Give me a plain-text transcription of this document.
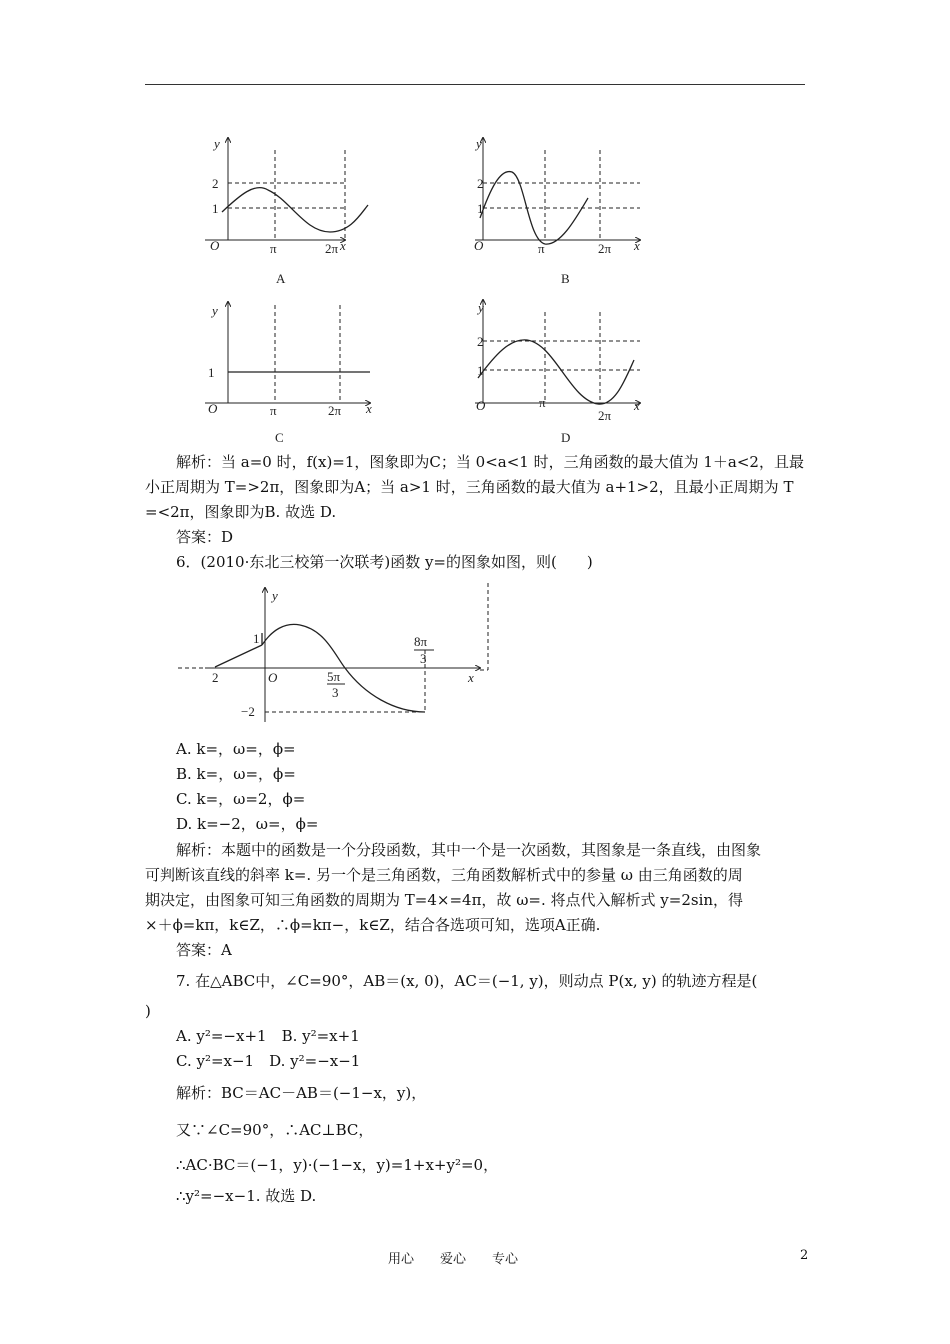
y
2
1
O	π	2π x
A
y
2
1
O	π	2π x
B
y
1
O	π	2π x
C
y
2
1
O	π
2π
x
D
y
1
O
2
−2
5π
3
8π
3
x
解析：当 a=0 时，f(x)=1，图象即为C；当 0<a<1 时，三角函数的最大值为 1＋a<2，且最
小正周期为 T=>2π，图象即为A；当 a>1 时，三角函数的最大值为 a+1>2，且最小正周期为 T
=<2π，图象即为B. 故选 D.
答案：D
6．(2010·东北三校第一次联考)函数 y=的图象如图，则(　　)
A. k=，ω=，ϕ=
B. k=，ω=，ϕ=
C. k=，ω=2，ϕ=
D. k=−2，ω=，ϕ=
解析：本题中的函数是一个分段函数，其中一个是一次函数，其图象是一条直线，由图象
可判断该直线的斜率 k=. 另一个是三角函数，三角函数解析式中的参量 ω 由三角函数的周
期决定，由图象可知三角函数的周期为 T=4×=4π，故 ω=. 将点代入解析式 y=2sin，得
×＋ϕ=kπ，k∈Z，∴ϕ=kπ−，k∈Z，结合各选项可知，选项A正确.
答案：A
7. 在△ABC中，∠C=90°，AB＝(x, 0)，AC＝(−1, y)，则动点 P(x, y) 的轨迹方程是(
)
A. y²=−x+1　B. y²=x+1
C. y²=x−1　D. y²=−x−1
解析：BC＝AC－AB＝(−1−x，y)，
又∵∠C=90°，∴AC⊥BC，
∴AC·BC＝(−1，y)·(−1−x，y)=1+x+y²=0，
∴y²=−x−1. 故选 D.
用心　　爱心　　专心	2
